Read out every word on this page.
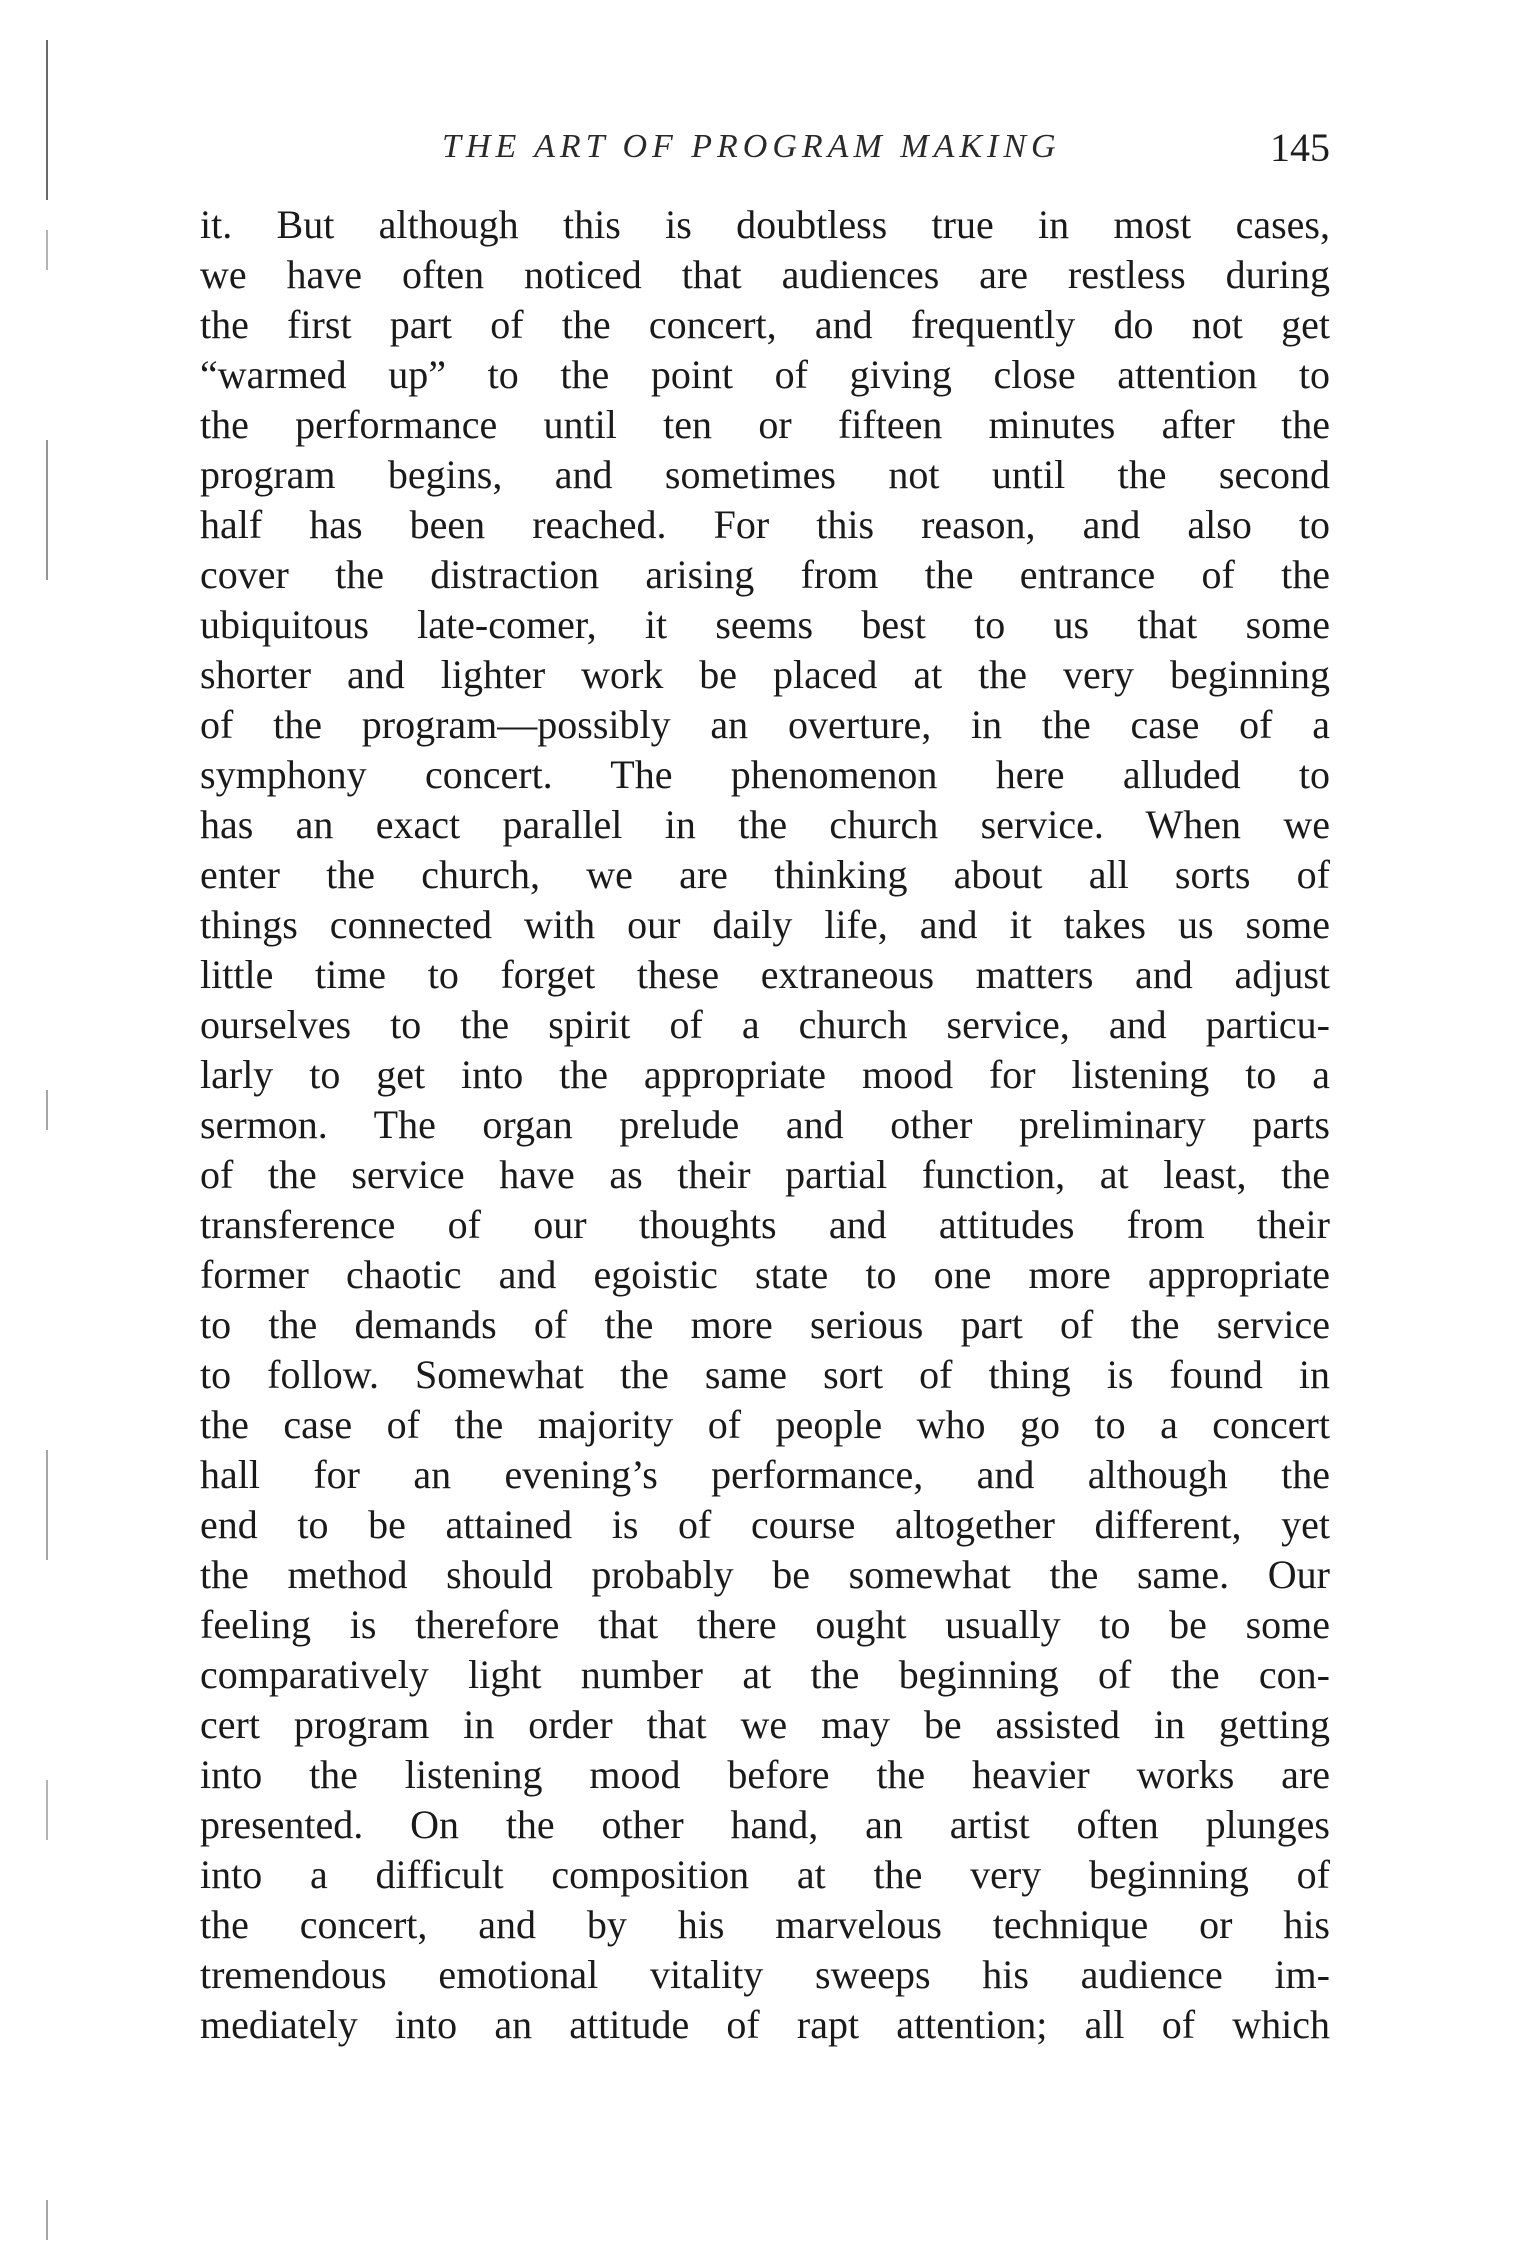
THE ART OF PROGRAM MAKING	145
it. But although this is doubtless true in most cases,
we have often noticed that audiences are restless during
the first part of the concert, and frequently do not get
“warmed up” to the point of giving close attention to
the performance until ten or fifteen minutes after the
program begins, and sometimes not until the second
half has been reached. For this reason, and also to
cover the distraction arising from the entrance of the
ubiquitous late-comer, it seems best to us that some
shorter and lighter work be placed at the very beginning
of the program—possibly an overture, in the case of a
symphony concert. The phenomenon here alluded to
has an exact parallel in the church service. When we
enter the church, we are thinking about all sorts of
things connected with our daily life, and it takes us some
little time to forget these extraneous matters and adjust
ourselves to the spirit of a church service, and particu-
larly to get into the appropriate mood for listening to a
sermon. The organ prelude and other preliminary parts
of the service have as their partial function, at least, the
transference of our thoughts and attitudes from their
former chaotic and egoistic state to one more appropriate
to the demands of the more serious part of the service
to follow. Somewhat the same sort of thing is found in
the case of the majority of people who go to a concert
hall for an evening’s performance, and although the
end to be attained is of course altogether different, yet
the method should probably be somewhat the same. Our
feeling is therefore that there ought usually to be some
comparatively light number at the beginning of the con-
cert program in order that we may be assisted in getting
into the listening mood before the heavier works are
presented. On the other hand, an artist often plunges
into a difficult composition at the very beginning of
the concert, and by his marvelous technique or his
tremendous emotional vitality sweeps his audience im-
mediately into an attitude of rapt attention; all of which
